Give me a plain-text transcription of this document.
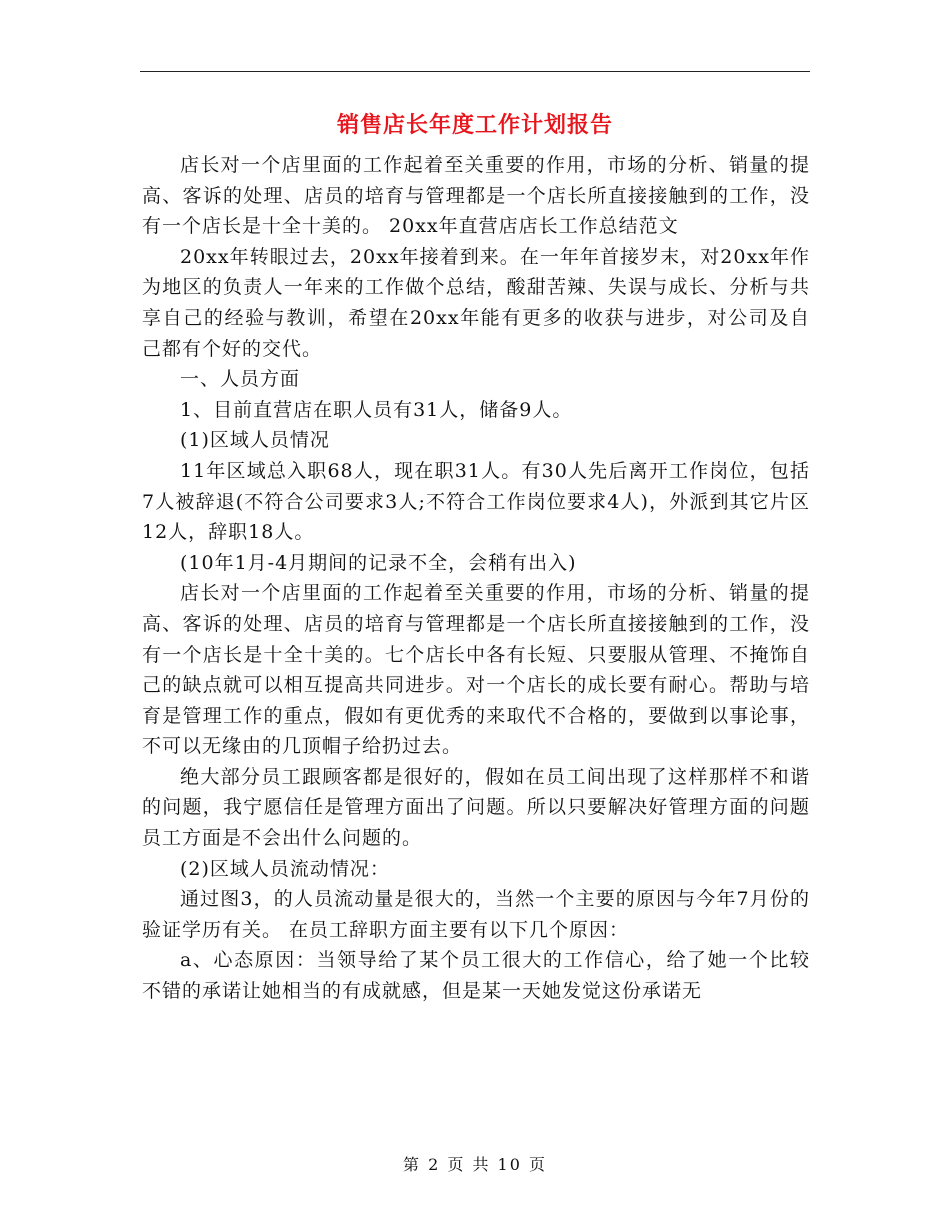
销售店长年度工作计划报告

店长对一个店里面的工作起着至关重要的作用，市场的分析、销量的提高、客诉的处理、店员的培育与管理都是一个店长所直接接触到的工作，没有一个店长是十全十美的。 20xx年直营店店长工作总结范文

20xx年转眼过去，20xx年接着到来。在一年年首接岁末，对20xx年作为地区的负责人一年来的工作做个总结，酸甜苦辣、失误与成长、分析与共享自己的经验与教训，希望在20xx年能有更多的收获与进步，对公司及自己都有个好的交代。

一、人员方面

1、目前直营店在职人员有31人，储备9人。

(1)区域人员情况

11年区域总入职68人，现在职31人。有30人先后离开工作岗位，包括7人被辞退(不符合公司要求3人;不符合工作岗位要求4人)，外派到其它片区12人，辞职18人。

(10年1月-4月期间的记录不全，会稍有出入)

店长对一个店里面的工作起着至关重要的作用，市场的分析、销量的提高、客诉的处理、店员的培育与管理都是一个店长所直接接触到的工作，没有一个店长是十全十美的。七个店长中各有长短、只要服从管理、不掩饰自己的缺点就可以相互提高共同进步。对一个店长的成长要有耐心。帮助与培育是管理工作的重点，假如有更优秀的来取代不合格的，要做到以事论事，不可以无缘由的几顶帽子给扔过去。

绝大部分员工跟顾客都是很好的，假如在员工间出现了这样那样不和谐的问题，我宁愿信任是管理方面出了问题。所以只要解决好管理方面的问题员工方面是不会出什么问题的。

(2)区域人员流动情况：

通过图3，的人员流动量是很大的，当然一个主要的原因与今年7月份的验证学历有关。 在员工辞职方面主要有以下几个原因：

a、心态原因：当领导给了某个员工很大的工作信心，给了她一个比较不错的承诺让她相当的有成就感，但是某一天她发觉这份承诺无

第 2 页 共 10 页
